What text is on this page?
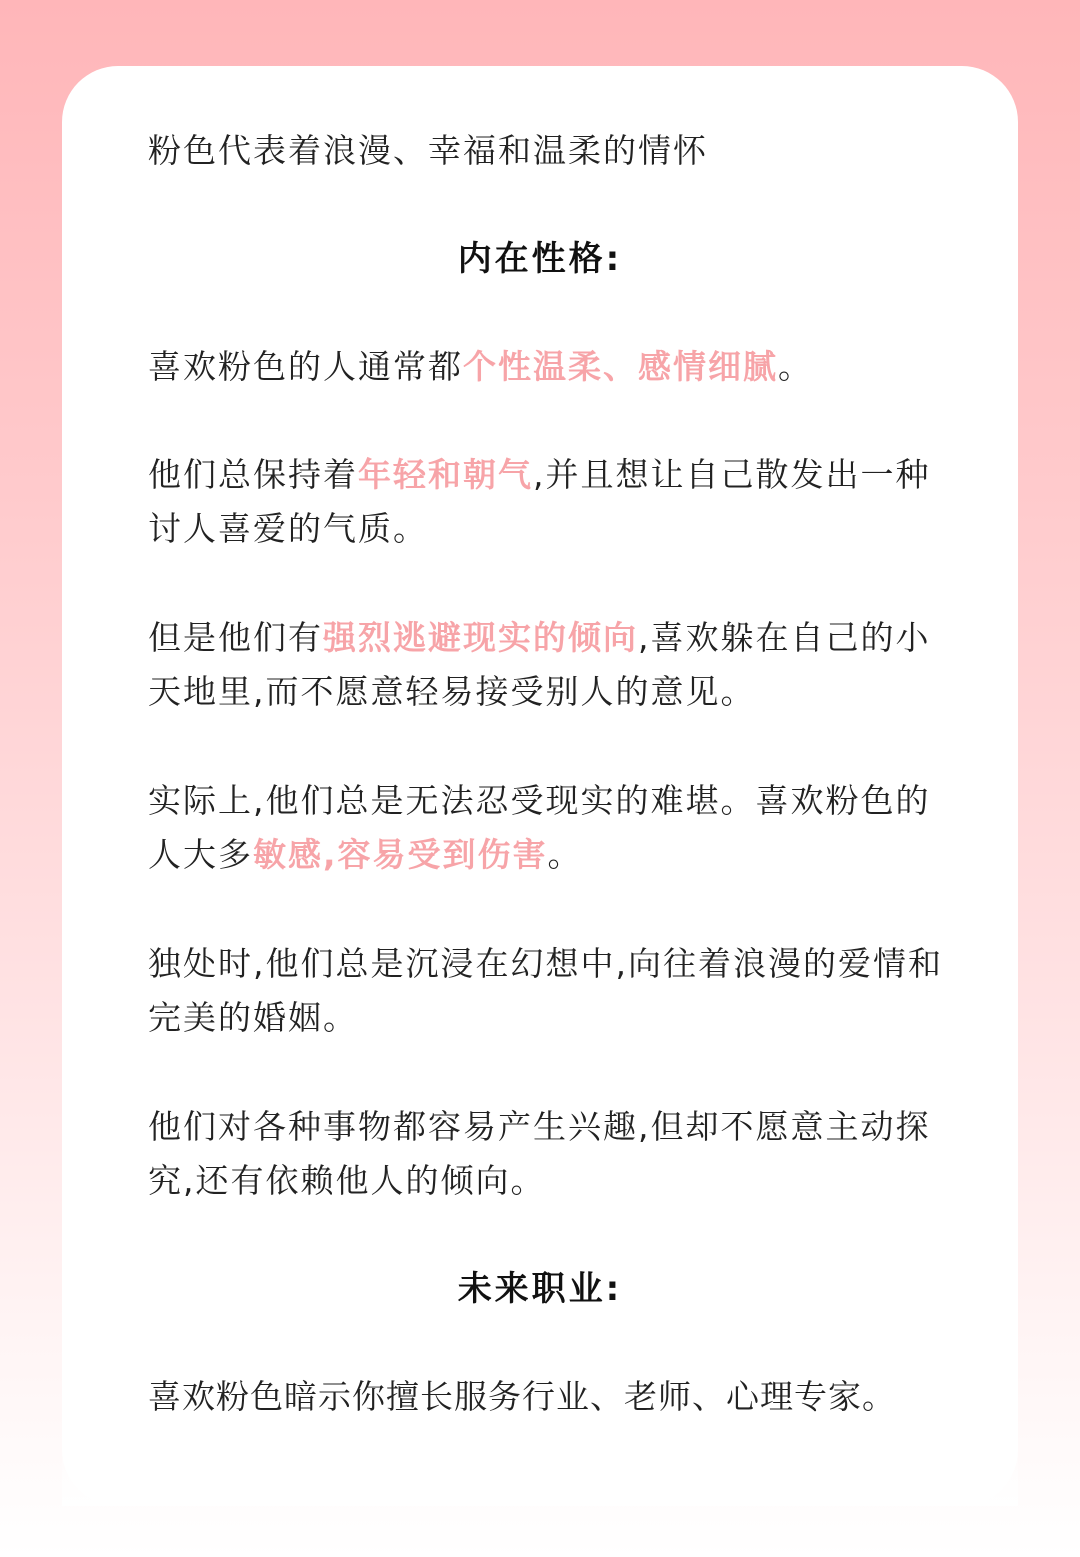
粉色代表着浪漫、幸福和温柔的情怀

内在性格:

喜欢粉色的人通常都个性温柔、感情细腻。

他们总保持着年轻和朝气,并且想让自己散发出一种讨人喜爱的气质。

但是他们有强烈逃避现实的倾向,喜欢躲在自己的小天地里,而不愿意轻易接受别人的意见。

实际上,他们总是无法忍受现实的难堪。喜欢粉色的人大多敏感,容易受到伤害。

独处时,他们总是沉浸在幻想中,向往着浪漫的爱情和完美的婚姻。

他们对各种事物都容易产生兴趣,但却不愿意主动探究,还有依赖他人的倾向。

未来职业:

喜欢粉色暗示你擅长服务行业、老师、心理专家。
